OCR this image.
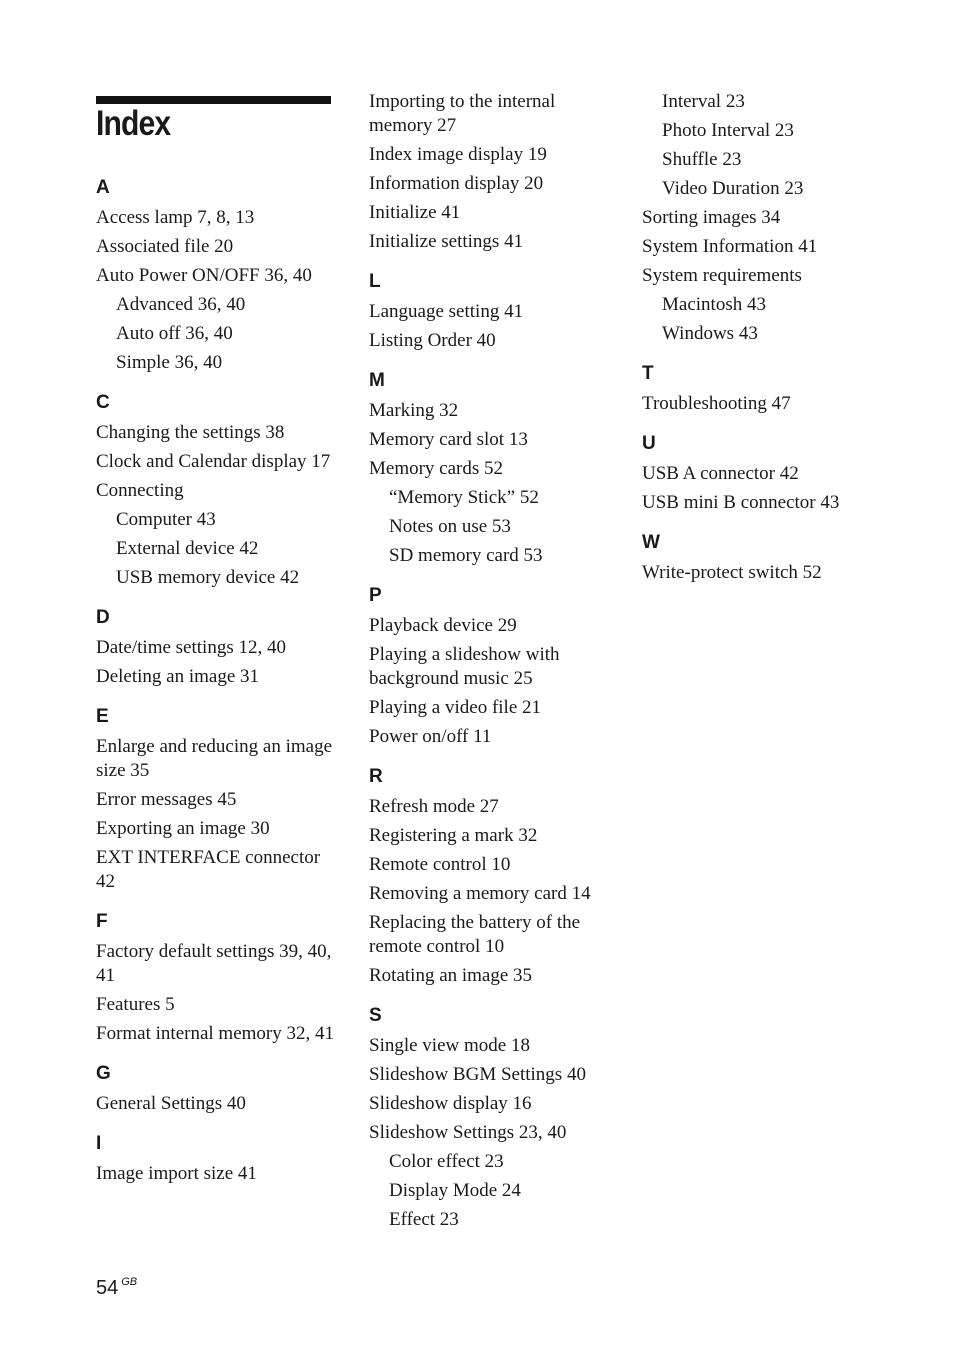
Index
A
Access lamp 7, 8, 13
Associated file 20
Auto Power ON/OFF 36, 40
Advanced 36, 40
Auto off 36, 40
Simple 36, 40
C
Changing the settings 38
Clock and Calendar display 17
Connecting
Computer 43
External device 42
USB memory device 42
D
Date/time settings 12, 40
Deleting an image 31
E
Enlarge and reducing an image size 35
Error messages 45
Exporting an image 30
EXT INTERFACE connector 42
F
Factory default settings 39, 40, 41
Features 5
Format internal memory 32, 41
G
General Settings 40
I
Image import size 41
Importing to the internal memory 27
Index image display 19
Information display 20
Initialize 41
Initialize settings 41
L
Language setting 41
Listing Order 40
M
Marking 32
Memory card slot 13
Memory cards 52
“Memory Stick” 52
Notes on use 53
SD memory card 53
P
Playback device 29
Playing a slideshow with background music 25
Playing a video file 21
Power on/off 11
R
Refresh mode 27
Registering a mark 32
Remote control 10
Removing a memory card 14
Replacing the battery of the remote control 10
Rotating an image 35
S
Single view mode 18
Slideshow BGM Settings 40
Slideshow display 16
Slideshow Settings 23, 40
Color effect 23
Display Mode 24
Effect 23
Interval 23
Photo Interval 23
Shuffle 23
Video Duration 23
Sorting images 34
System Information 41
System requirements
Macintosh 43
Windows 43
T
Troubleshooting 47
U
USB A connector 42
USB mini B connector 43
W
Write-protect switch 52
54 $^{GB}$
